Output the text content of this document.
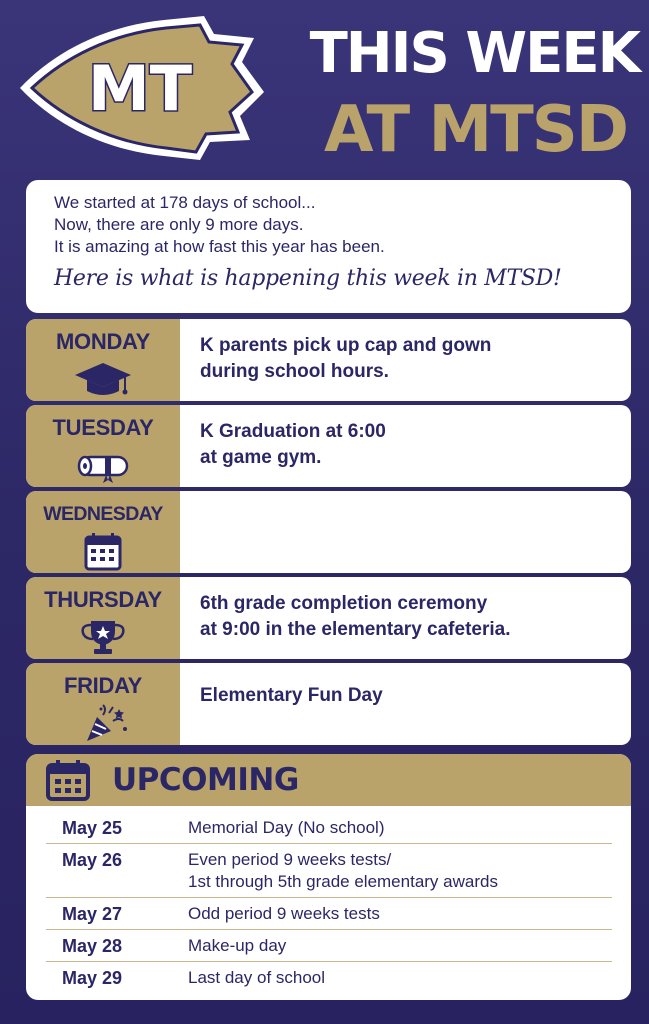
MT	THIS WEEK
AT MTSD
We started at 178 days of school...
Now, there are only 9 more days.
It is amazing at how fast this year has been.
Here is what is happening this week in MTSD!
MONDAY	K parents pick up cap and gown
during school hours.
TUESDAY K Graduation at 6:00
at game gym.
WEDNESDAY
THURSDAY 6th grade completion ceremony
at 9:00 in the elementary cafeteria.
FRIDAY	Elementary Fun Day
UPCOMING
May 25	Memorial Day (No school)
May 26	Even period 9 weeks tests/
1st through 5th grade elementary awards
May 27	Odd period 9 weeks tests
May 28	Make-up day
May 29	Last day of school
